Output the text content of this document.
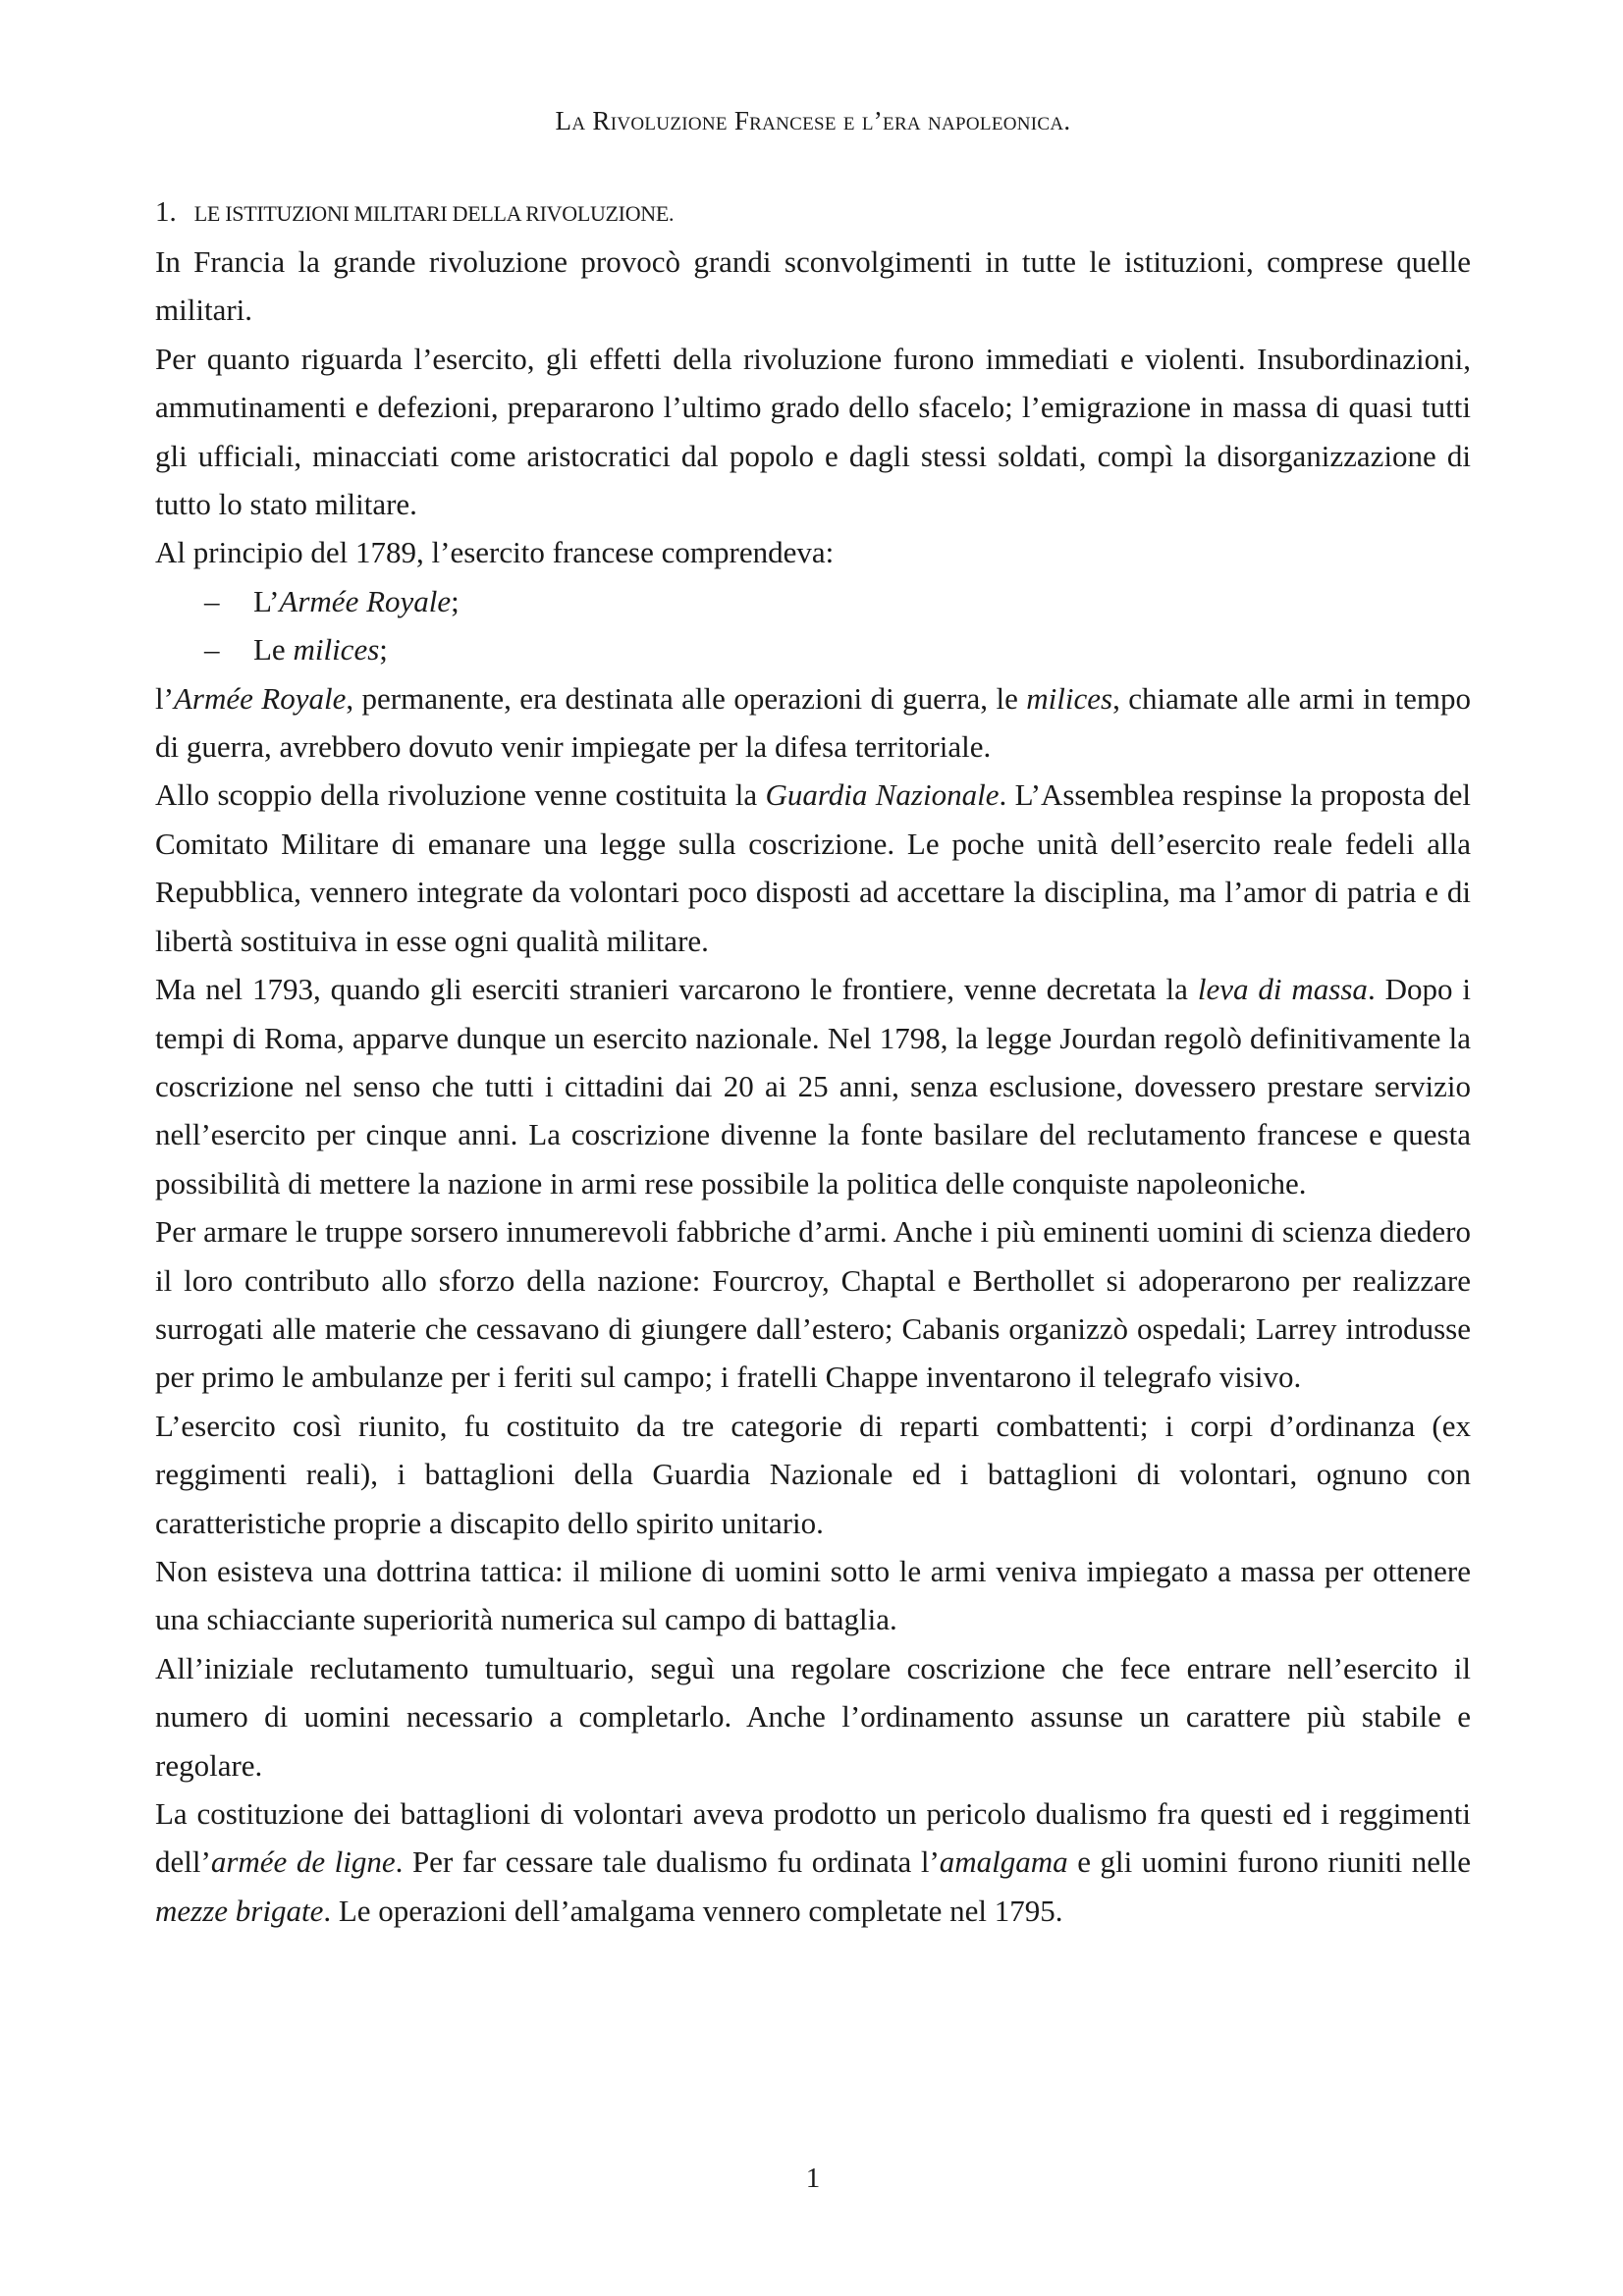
La Rivoluzione Francese e l’era napoleonica.
1. LE ISTITUZIONI MILITARI DELLA RIVOLUZIONE.

In Francia la grande rivoluzione provocò grandi sconvolgimenti in tutte le istituzioni, comprese quelle militari.

Per quanto riguarda l’esercito, gli effetti della rivoluzione furono immediati e violenti. Insubordinazioni, ammutinamenti e defezioni, prepararono l’ultimo grado dello sfacelo; l’emigrazione in massa di quasi tutti gli ufficiali, minacciati come aristocratici dal popolo e dagli stessi soldati, compì la disorganizzazione di tutto lo stato militare.

Al principio del 1789, l’esercito francese comprendeva:

– L’Armée Royale;
– Le milices;

l’Armée Royale, permanente, era destinata alle operazioni di guerra, le milices, chiamate alle armi in tempo di guerra, avrebbero dovuto venir impiegate per la difesa territoriale.

Allo scoppio della rivoluzione venne costituita la Guardia Nazionale. L’Assemblea respinse la proposta del Comitato Militare di emanare una legge sulla coscrizione. Le poche unità dell’esercito reale fedeli alla Repubblica, vennero integrate da volontari poco disposti ad accettare la disciplina, ma l’amor di patria e di libertà sostituiva in esse ogni qualità militare.

Ma nel 1793, quando gli eserciti stranieri varcarono le frontiere, venne decretata la leva di massa. Dopo i tempi di Roma, apparve dunque un esercito nazionale. Nel 1798, la legge Jourdan regolò definitivamente la coscrizione nel senso che tutti i cittadini dai 20 ai 25 anni, senza esclusione, dovessero prestare servizio nell’esercito per cinque anni. La coscrizione divenne la fonte basilare del reclutamento francese e questa possibilità di mettere la nazione in armi rese possibile la politica delle conquiste napoleoniche.

Per armare le truppe sorsero innumerevoli fabbriche d’armi. Anche i più eminenti uomini di scienza diedero il loro contributo allo sforzo della nazione: Fourcroy, Chaptal e Berthollet si adoperarono per realizzare surrogati alle materie che cessavano di giungere dall’estero; Cabanis organizzò ospedali; Larrey introdusse per primo le ambulanze per i feriti sul campo; i fratelli Chappe inventarono il telegrafo visivo.

L’esercito così riunito, fu costituito da tre categorie di reparti combattenti; i corpi d’ordinanza (ex reggimenti reali), i battaglioni della Guardia Nazionale ed i battaglioni di volontari, ognuno con caratteristiche proprie a discapito dello spirito unitario.

Non esisteva una dottrina tattica: il milione di uomini sotto le armi veniva impiegato a massa per ottenere una schiacciante superiorità numerica sul campo di battaglia.

All’iniziale reclutamento tumultuario, seguì una regolare coscrizione che fece entrare nell’esercito il numero di uomini necessario a completarlo. Anche l’ordinamento assunse un carattere più stabile e regolare.

La costituzione dei battaglioni di volontari aveva prodotto un pericolo dualismo fra questi ed i reggimenti dell’armée de ligne. Per far cessare tale dualismo fu ordinata l’amalgama e gli uomini furono riuniti nelle mezze brigate. Le operazioni dell’amalgama vennero completate nel 1795.

1
